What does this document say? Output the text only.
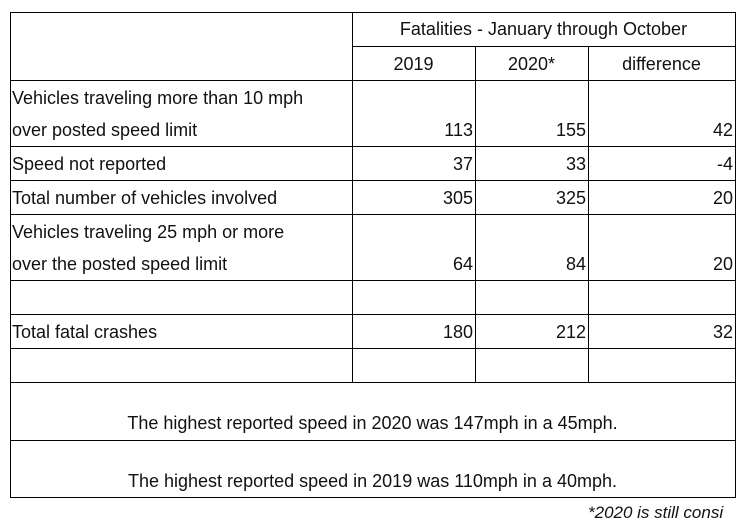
Fatalities - January through October
2019	2020*	difference
Vehicles traveling more than 10 mph
over posted speed limit	113	155	42
Speed not reported	37	33	-4
Total number of vehicles involved	305	325	20
Vehicles traveling 25 mph or more
over the posted speed limit	64	84	20
Total fatal crashes	180	212	32
The highest reported speed in 2020 was 147mph in a 45mph.
The highest reported speed in 2019 was 110mph in a 40mph.
*2020 is still consi
